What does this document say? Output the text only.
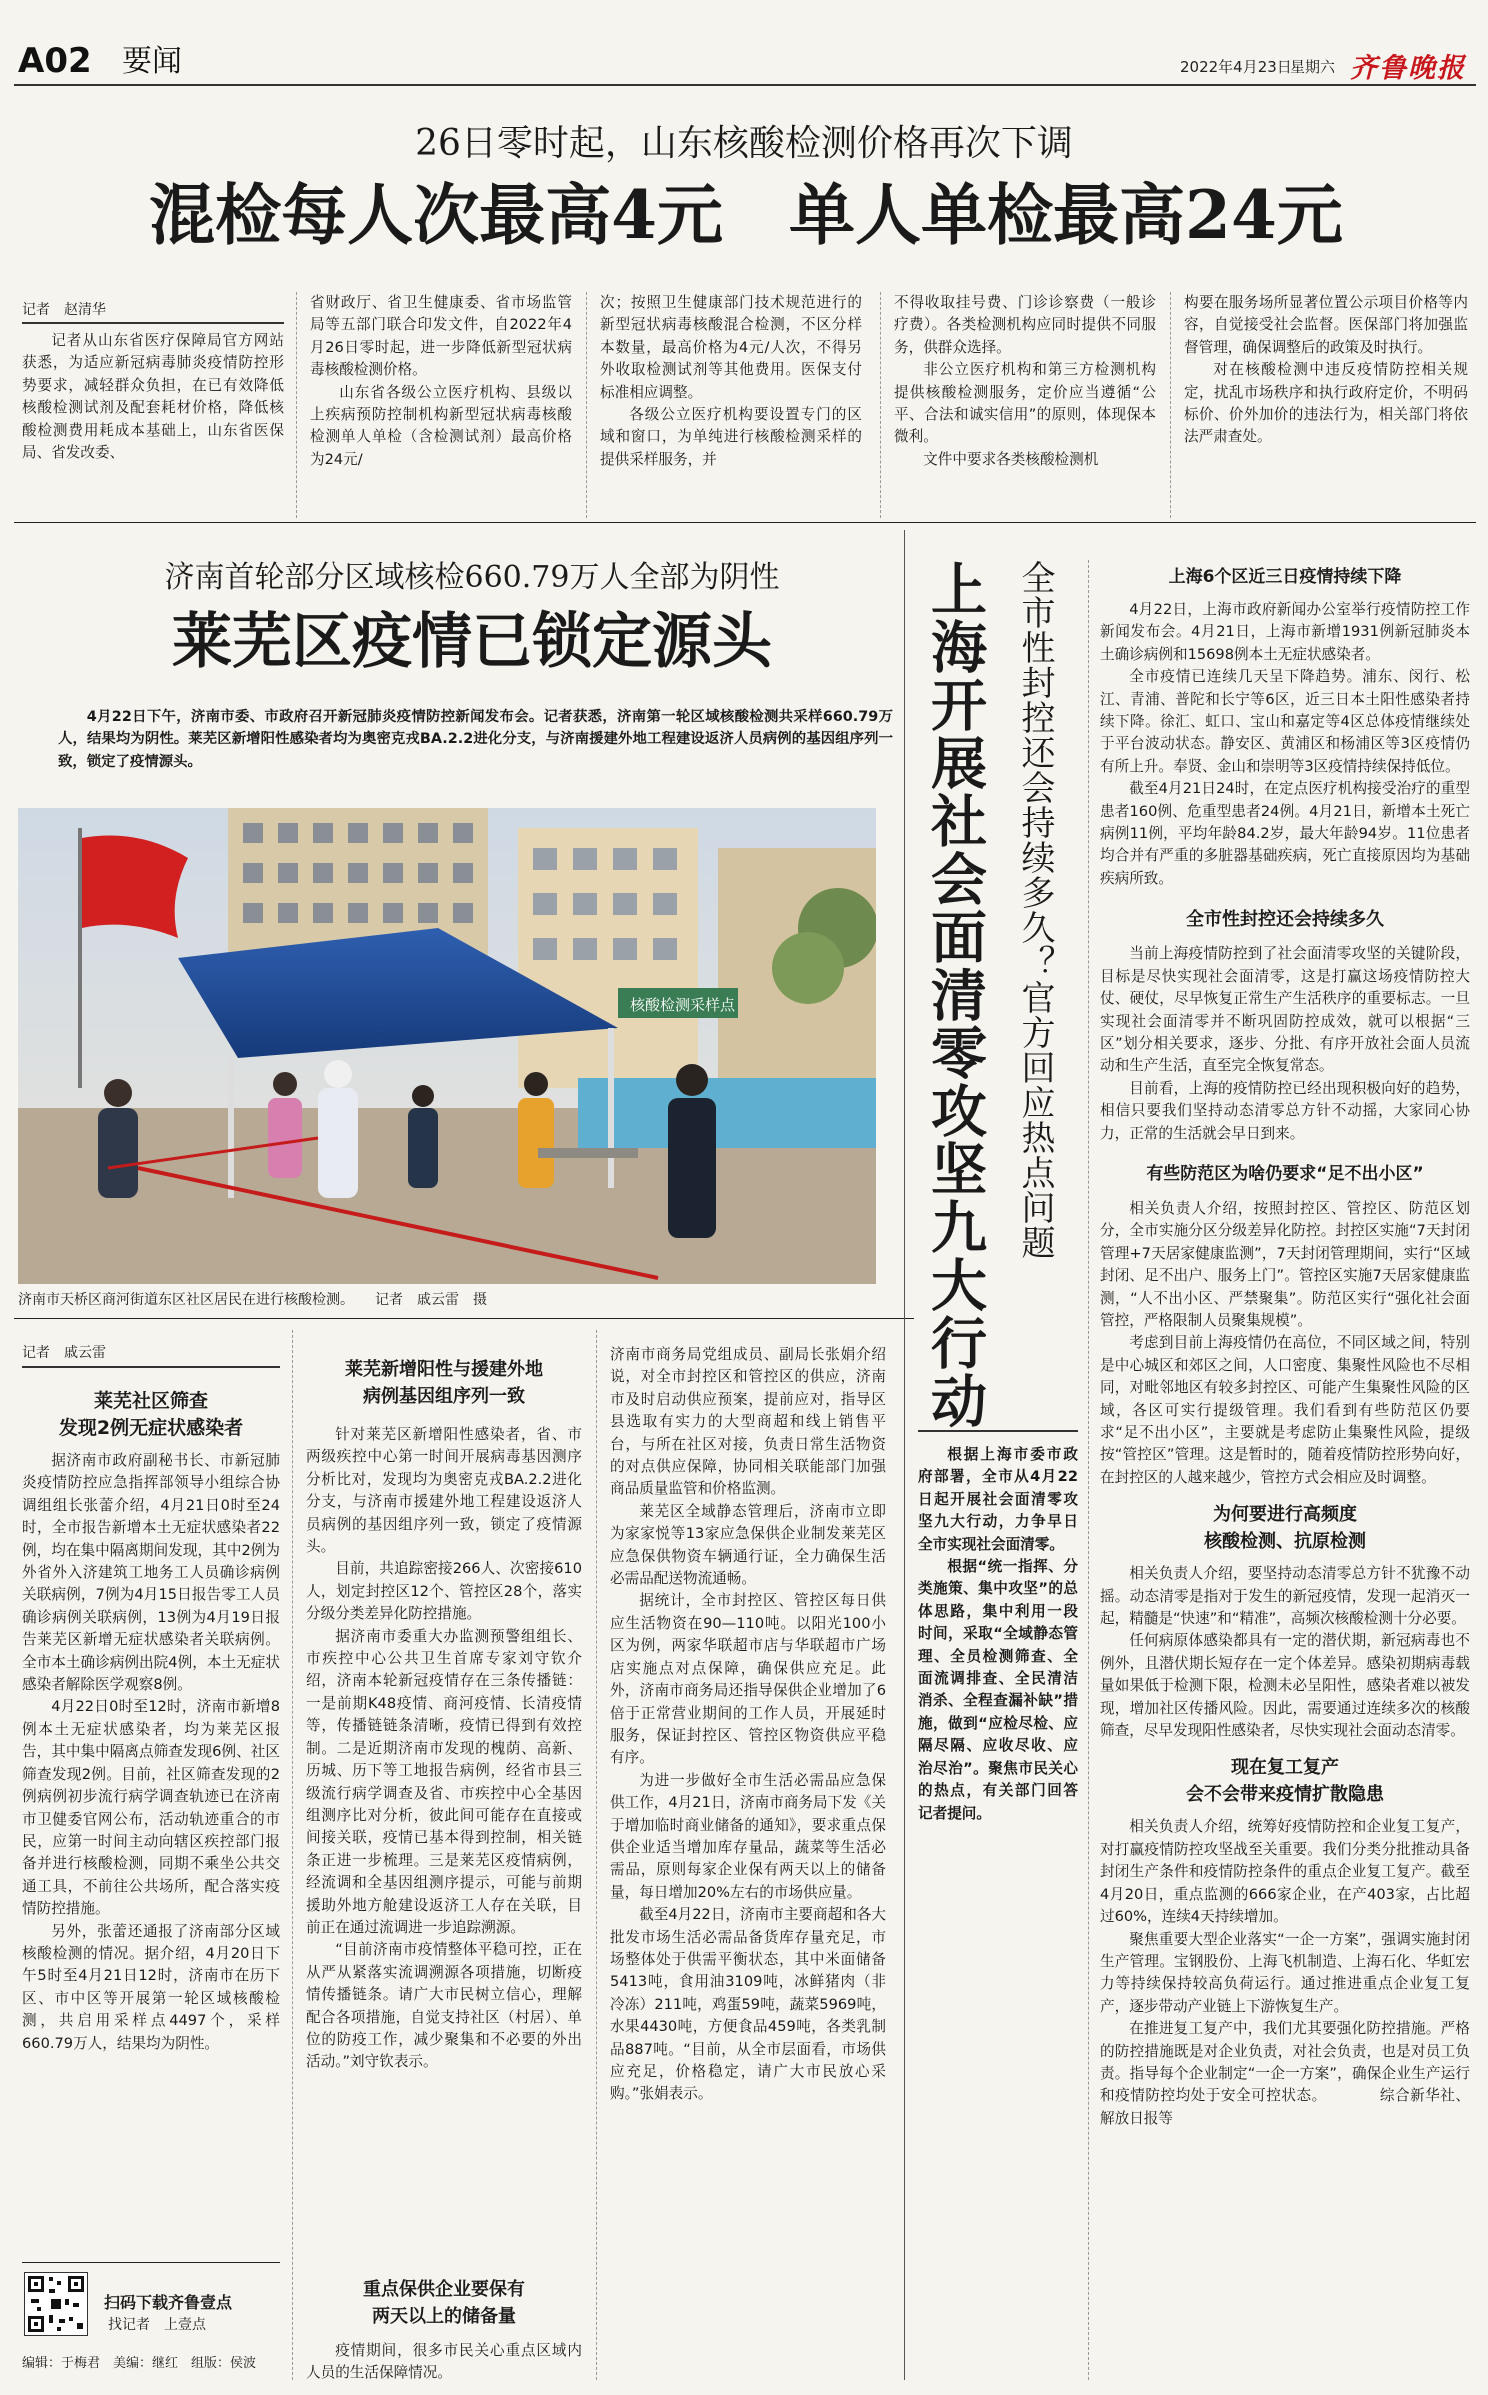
A02 要闻	2022年4月23日
星期六 齐鲁晚报
26日零时起，山东核酸检测价格再次下调
混检每人次最高4元　单人单检最高24元
记者　赵清华
记者从山东省医疗保障局官方网站获悉，为适应新冠病毒肺炎疫情防控形势要求，减轻群众负担，在已有效降低核酸检测试剂及配套耗材价格，降低核酸检测费用耗成本基础上，山东省医保局、省发改委、

省财政厅、省卫生健康委、省市场监管局等五部门联合印发文件，自2022年4月26日零时起，进一步降低新型冠状病毒核酸检测价格。

山东省各级公立医疗机构、县级以上疾病预防控制机构新型冠状病毒核酸检测单人单检（含检测试剂）最高价格为24元/

次；按照卫生健康部门技术规范进行的新型冠状病毒核酸混合检测，不区分样本数量，最高价格为4元/人次，不得另外收取检测试剂等其他费用。医保支付标准相应调整。

各级公立医疗机构要设置专门的区域和窗口，为单纯进行核酸检测采样的提供采样服务，并

不得收取挂号费、门诊诊察费（一般诊疗费）。各类检测机构应同时提供不同服务，供群众选择。

非公立医疗机构和第三方检测机构提供核酸检测服务，定价应当遵循“公平、合法和诚实信用”的原则，体现保本微利。

文件中要求各类核酸检测机

构要在服务场所显著位置公示项目价格等内容，自觉接受社会监督。医保部门将加强监督管理，确保调整后的政策及时执行。

对在核酸检测中违反疫情防控相关规定，扰乱市场秩序和执行政府定价，不明码标价、价外加价的违法行为，相关部门将依法严肃查处。

济南首轮部分区域核检660.79万人全部为阴性
莱芜区疫情已锁定源头
4月22日下午，济南市委、市政府召开新冠肺炎疫情防控新闻发布会。记者获悉，济南第一轮区域核酸检测共采样660.79万人，结果均为阴性。莱芜区新增阳性感染者均为奥密克戎BA.2.2进化分支，与济南援建外地工程建设返济人员病例的基因组序列一致，锁定了疫情源头。
核酸检测采样点
济南市天桥区商河街道东区社区居民在进行核酸检测。　　记者　戚云雷　摄
记者　戚云雷
莱芜社区筛查
发现2例无症状感染者

据济南市政府副秘书长、市新冠肺炎疫情防控应急指挥部领导小组综合协调组组长张蕾介绍，4月21日0时至24时，全市报告新增本土无症状感染者22例，均在集中隔离期间发现，其中2例为外省外入济建筑工地务工人员确诊病例关联病例，7例为4月15日报告零工人员确诊病例关联病例，13例为4月19日报告莱芜区新增无症状感染者关联病例。全市本土确诊病例出院4例，本土无症状感染者解除医学观察8例。

4月22日0时至12时，济南市新增8例本土无症状感染者，均为莱芜区报告，其中集中隔离点筛查发现6例、社区筛查发现2例。目前，社区筛查发现的2例病例初步流行病学调查轨迹已在济南市卫健委官网公布，活动轨迹重合的市民，应第一时间主动向辖区疾控部门报备并进行核酸检测，同期不乘坐公共交通工具，不前往公共场所，配合落实疫情防控措施。

另外，张蕾还通报了济南部分区域核酸检测的情况。据介绍，4月20日下午5时至4月21日12时，济南市在历下区、市中区等开展第一轮区域核酸检测，共启用采样点4497个，采样660.79万人，结果均为阴性。

扫码下载齐鲁壹点
找记者　上壹点
编辑：于梅君　美编：继红　组版：侯波
莱芜新增阳性与援建外地
病例基因组序列一致

针对莱芜区新增阳性感染者，省、市两级疾控中心第一时间开展病毒基因测序分析比对，发现均为奥密克戎BA.2.2进化分支，与济南市援建外地工程建设返济人员病例的基因组序列一致，锁定了疫情源头。

目前，共追踪密接266人、次密接610人，划定封控区12个、管控区28个，落实分级分类差异化防控措施。

据济南市委重大办监测预警组组长、市疾控中心公共卫生首席专家刘守钦介绍，济南本轮新冠疫情存在三条传播链：一是前期K48疫情、商河疫情、长清疫情等，传播链链条清晰，疫情已得到有效控制。二是近期济南市发现的槐荫、高新、历城、历下等工地报告病例，经省市县三级流行病学调查及省、市疾控中心全基因组测序比对分析，彼此间可能存在直接或间接关联，疫情已基本得到控制，相关链条正进一步梳理。三是莱芜区疫情病例，经流调和全基因组测序提示，可能与前期援助外地方舱建设返济工人存在关联，目前正在通过流调进一步追踪溯源。

“目前济南市疫情整体平稳可控，正在从严从紧落实流调溯源各项措施，切断疫情传播链条。请广大市民树立信心，理解配合各项措施，自觉支持社区（村居）、单位的防疫工作，减少聚集和不必要的外出活动。”刘守钦表示。

重点保供企业要保有
两天以上的储备量
疫情期间，很多市民关心重点区域内人员的生活保障情况。

济南市商务局党组成员、副局长张娟介绍说，对全市封控区和管控区的供应，济南市及时启动供应预案，提前应对，指导区县选取有实力的大型商超和线上销售平台，与所在社区对接，负责日常生活物资的对点供应保障，协同相关联能部门加强商品质量监管和价格监测。

莱芜区全域静态管理后，济南市立即为家家悦等13家应急保供企业制发莱芜区应急保供物资车辆通行证，全力确保生活必需品配送物流通畅。

据统计，全市封控区、管控区每日供应生活物资在90—110吨。以阳光100小区为例，两家华联超市店与华联超市广场店实施点对点保障，确保供应充足。此外，济南市商务局还指导保供企业增加了6倍于正常营业期间的工作人员，开展延时服务，保证封控区、管控区物资供应平稳有序。

为进一步做好全市生活必需品应急保供工作，4月21日，济南市商务局下发《关于增加临时商业储备的通知》，要求重点保供企业适当增加库存量品，蔬菜等生活必需品，原则每家企业保有两天以上的储备量，每日增加20%左右的市场供应量。

截至4月22日，济南市主要商超和各大批发市场生活必需品备货库存量充足，市场整体处于供需平衡状态，其中米面储备5413吨，食用油3109吨，冰鲜猪肉（非冷冻）211吨，鸡蛋59吨，蔬菜5969吨，水果4430吨，方便食品459吨，各类乳制品887吨。“目前，从全市层面看，市场供应充足，价格稳定，请广大市民放心采购。”张娟表示。

上海开展社会面清零攻坚九大行动 全市性封控还会持续多久？官方回应热点问题

根据上海市委市政府部署，全市从4月22日起开展社会面清零攻坚九大行动，力争早日全市实现社会面清零。

根据“统一指挥、分类施策、集中攻坚”的总体思路，集中利用一段时间，采取“全域静态管理、全员检测筛查、全面流调排查、全民清洁消杀、全程查漏补缺”措施，做到“应检尽检、应隔尽隔、应收尽收、应治尽治”。聚焦市民关心的热点，有关部门回答记者提问。

上海6个区近三日疫情持续下降

4月22日，上海市政府新闻办公室举行疫情防控工作新闻发布会。4月21日，上海市新增1931例新冠肺炎本土确诊病例和15698例本土无症状感染者。

全市疫情已连续几天呈下降趋势。浦东、闵行、松江、青浦、普陀和长宁等6区，近三日本土阳性感染者持续下降。徐汇、虹口、宝山和嘉定等4区总体疫情继续处于平台波动状态。静安区、黄浦区和杨浦区等3区疫情仍有所上升。奉贤、金山和崇明等3区疫情持续保持低位。

截至4月21日24时，在定点医疗机构接受治疗的重型患者160例、危重型患者24例。4月21日，新增本土死亡病例11例，平均年龄84.2岁，最大年龄94岁。11位患者均合并有严重的多脏器基础疾病，死亡直接原因均为基础疾病所致。

全市性封控还会持续多久

当前上海疫情防控到了社会面清零攻坚的关键阶段，目标是尽快实现社会面清零，这是打赢这场疫情防控大仗、硬仗，尽早恢复正常生产生活秩序的重要标志。一旦实现社会面清零并不断巩固防控成效，就可以根据“三区”划分相关要求，逐步、分批、有序开放社会面人员流动和生产生活，直至完全恢复常态。

目前看，上海的疫情防控已经出现积极向好的趋势，相信只要我们坚持动态清零总方针不动摇，大家同心协力，正常的生活就会早日到来。

有些防范区为啥仍要求“足不出小区”

相关负责人介绍，按照封控区、管控区、防范区划分，全市实施分区分级差异化防控。封控区实施“7天封闭管理+7天居家健康监测”，7天封闭管理期间，实行“区域封闭、足不出户、服务上门”。管控区实施7天居家健康监测，“人不出小区、严禁聚集”。防范区实行“强化社会面管控，严格限制人员聚集规模”。

考虑到目前上海疫情仍在高位，不同区域之间，特别是中心城区和郊区之间，人口密度、集聚性风险也不尽相同，对毗邻地区有较多封控区、可能产生集聚性风险的区域，各区可实行提级管理。我们看到有些防范区仍要求“足不出小区”，主要就是考虑防止集聚性风险，提级按“管控区”管理。这是暂时的，随着疫情防控形势向好，在封控区的人越来越少，管控方式会相应及时调整。

为何要进行高频度
核酸检测、抗原检测

相关负责人介绍，要坚持动态清零总方针不犹豫不动摇。动态清零是指对于发生的新冠疫情，发现一起消灭一起，精髓是“快速”和“精准”，高频次核酸检测十分必要。

任何病原体感染都具有一定的潜伏期，新冠病毒也不例外，且潜伏期长短存在一定个体差异。感染初期病毒载量如果低于检测下限，检测未必呈阳性，感染者难以被发现，增加社区传播风险。因此，需要通过连续多次的核酸筛查，尽早发现阳性感染者，尽快实现社会面动态清零。

现在复工复产
会不会带来疫情扩散隐患

相关负责人介绍，统筹好疫情防控和企业复工复产，对打赢疫情防控攻坚战至关重要。我们分类分批推动具备封闭生产条件和疫情防控条件的重点企业复工复产。截至4月20日，重点监测的666家企业，在产403家，占比超过60%，连续4天持续增加。

聚焦重要大型企业落实“一企一方案”，强调实施封闭生产管理。宝钢股份、上海飞机制造、上海石化、华虹宏力等持续保持较高负荷运行。通过推进重点企业复工复产，逐步带动产业链上下游恢复生产。

在推进复工复产中，我们尤其要强化防控措施。严格的防控措施既是对企业负责，对社会负责，也是对员工负责。指导每个企业制定“一企一方案”，确保企业生产运行和疫情防控均处于安全可控状态。　　　　综合新华社、解放日报等
